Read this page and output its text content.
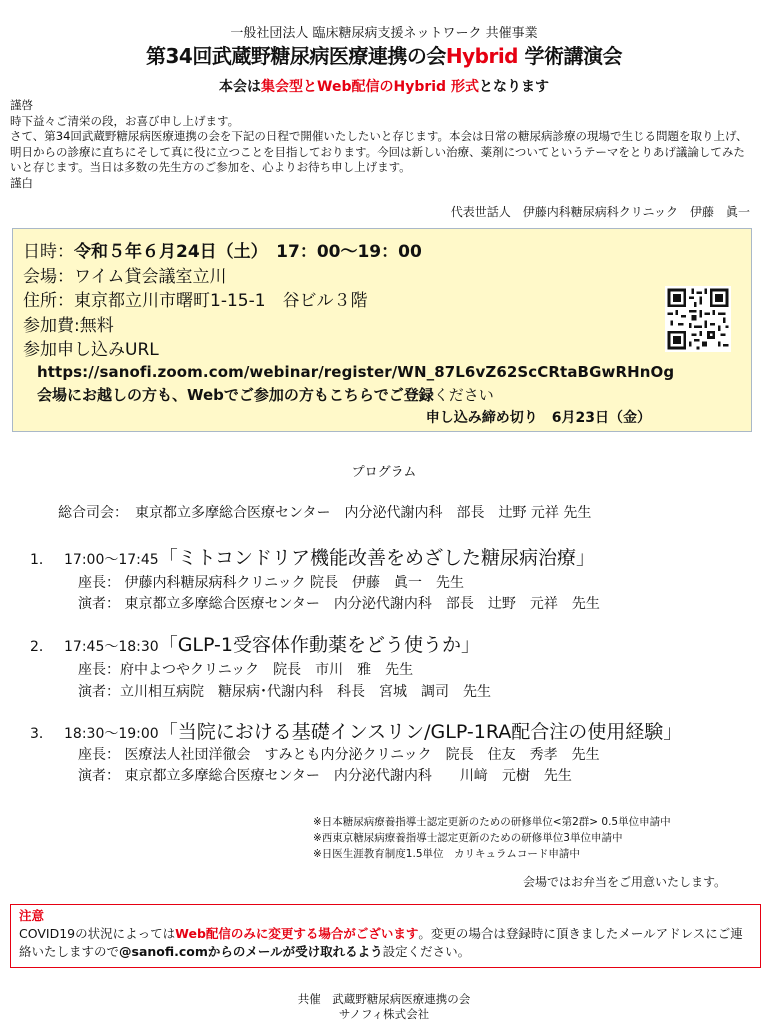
一般社団法人 臨床糖尿病支援ネットワーク 共催事業
第34回武蔵野糖尿病医療連携の会Hybrid 学術講演会
本会は集会型とWeb配信のHybrid 形式となります

謹啓

時下益々ご清栄の段，お喜び申し上げます。

さて、第34回武蔵野糖尿病医療連携の会を下記の日程で開催いたしたいと存じます。本会は日常の糖尿病診療の現場で生じる問題を取り上げ、明日からの診療に直ちにそして真に役に立つことを目指しております。今回は新しい治療、薬剤についてというテーマをとりあげ議論してみたいと存じます。当日は多数の先生方のご参加を、心よりお待ち申し上げます。

謹白

代表世話人　伊藤内科糖尿病科クリニック　伊藤　眞一
日時：令和５年６月24日（土）　17：00～19：00
会場：ワイム貸会議室立川
住所：東京都立川市曙町1-15-1　谷ビル３階
参加費:無料
参加申し込みURL
https://sanofi.zoom.com/webinar/register/WN_87L6vZ62ScCRtaBGwRHnOg
会場にお越しの方も、Webでご参加の方もこちらでご登録ください
申し込み締め切り　6月23日（金）
プログラム
総合司会：　東京都立多摩総合医療センター　内分泌代謝内科　部長　辻野 元祥 先生
1． 17:00～17:45「ミトコンドリア機能改善をめざした糖尿病治療」
座長： 伊藤内科糖尿病科クリニック 院長　伊藤　眞一　先生
演者： 東京都立多摩総合医療センター　内分泌代謝内科　部長　辻野　元祥　先生
2． 17:45～18:30「GLP-1受容体作動薬をどう使うか」
座長：府中よつやクリニック　院長　市川　雅　先生
演者：立川相互病院　糖尿病･代謝内科　科長　宮城　調司　先生
3． 18:30～19:00「当院における基礎インスリン/GLP-1RA配合注の使用経験」
座長： 医療法人社団洋徹会　すみとも内分泌クリニック　院長　住友　秀孝　先生
演者： 東京都立多摩総合医療センター　内分泌代謝内科　　川﨑　元樹　先生
※日本糖尿病療養指導士認定更新のための研修単位<第2群> 0.5単位申請中
※西東京糖尿病療養指導士認定更新のための研修単位3単位申請中
※日医生涯教育制度1.5単位　カリキュラムコード申請中
会場ではお弁当をご用意いたします。
注意
COVID19の状況によってはWeb配信のみに変更する場合がございます。変更の場合は登録時に頂きましたメールアドレスにご連絡いたしますので@sanofi.comからのメールが受け取れるよう設定ください。
共催　武蔵野糖尿病医療連携の会
サノフィ株式会社
